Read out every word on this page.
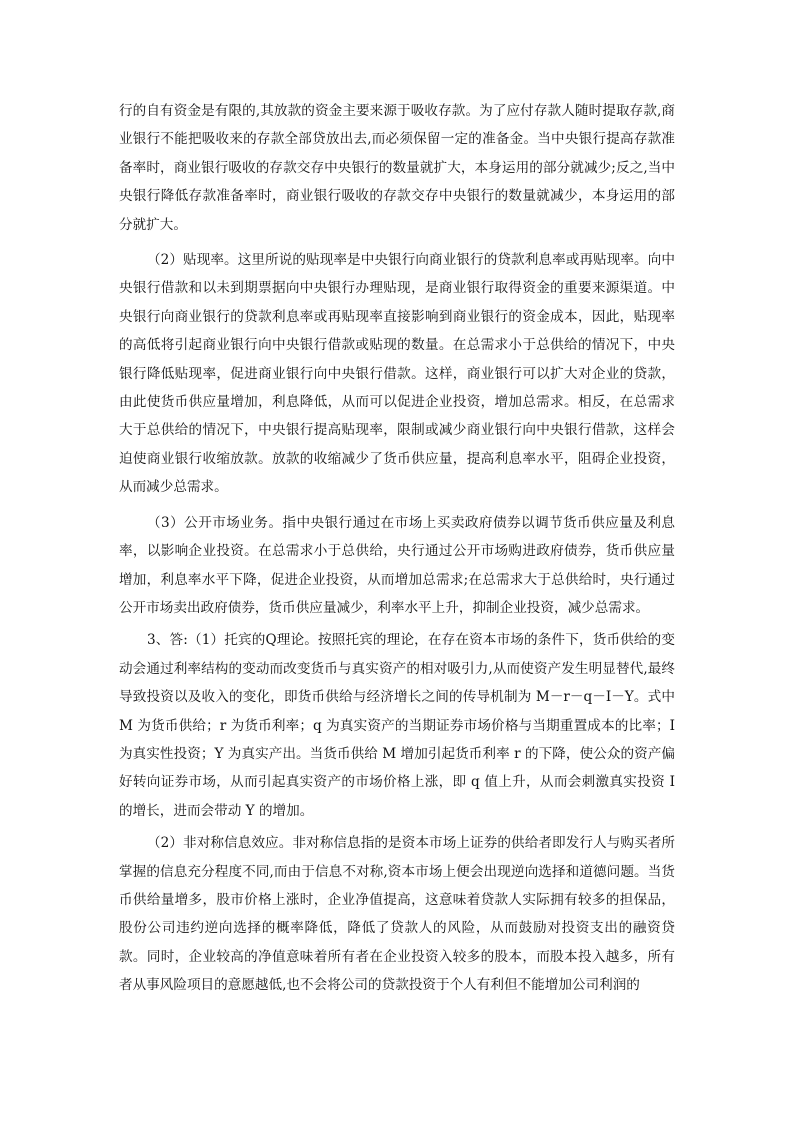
行的自有资金是有限的,其放款的资金主要来源于吸收存款。为了应付存款人随时提取存款,商业银行不能把吸收来的存款全部贷放出去,而必须保留一定的准备金。当中央银行提高存款准备率时，商业银行吸收的存款交存中央银行的数量就扩大，本身运用的部分就减少;反之,当中央银行降低存款准备率时，商业银行吸收的存款交存中央银行的数量就减少，本身运用的部分就扩大。

（2）贴现率。这里所说的贴现率是中央银行向商业银行的贷款利息率或再贴现率。向中央银行借款和以未到期票据向中央银行办理贴现，是商业银行取得资金的重要来源渠道。中央银行向商业银行的贷款利息率或再贴现率直接影响到商业银行的资金成本，因此，贴现率的高低将引起商业银行向中央银行借款或贴现的数量。在总需求小于总供给的情况下，中央银行降低贴现率，促进商业银行向中央银行借款。这样，商业银行可以扩大对企业的贷款，由此使货币供应量增加，利息降低，从而可以促进企业投资，增加总需求。相反，在总需求大于总供给的情况下，中央银行提高贴现率，限制或减少商业银行向中央银行借款，这样会迫使商业银行收缩放款。放款的收缩减少了货币供应量，提高利息率水平，阻碍企业投资，从而减少总需求。

（3）公开市场业务。指中央银行通过在市场上买卖政府债券以调节货币供应量及利息率，以影响企业投资。在总需求小于总供给，央行通过公开市场购进政府债券，货币供应量增加，利息率水平下降，促进企业投资，从而增加总需求;在总需求大于总供给时，央行通过公开市场卖出政府债券，货币供应量减少，利率水平上升，抑制企业投资，减少总需求。

3、答:（1）托宾的Q理论。按照托宾的理论，在存在资本市场的条件下，货币供给的变动会通过利率结构的变动而改变货币与真实资产的相对吸引力,从而使资产发生明显替代,最终导致投资以及收入的变化，即货币供给与经济增长之间的传导机制为 M－r－q－I－Y。式中 M 为货币供给；r 为货币利率；q 为真实资产的当期证券市场价格与当期重置成本的比率；I 为真实性投资；Y 为真实产出。当货币供给 M 增加引起货币利率 r 的下降，使公众的资产偏好转向证券市场，从而引起真实资产的市场价格上涨，即 q 值上升，从而会刺激真实投资 I 的增长，进而会带动 Y 的增加。

（2）非对称信息效应。非对称信息指的是资本市场上证券的供给者即发行人与购买者所掌握的信息充分程度不同,而由于信息不对称,资本市场上便会出现逆向选择和道德问题。当货币供给量增多，股市价格上涨时，企业净值提高，这意味着贷款人实际拥有较多的担保品，股份公司违约逆向选择的概率降低，降低了贷款人的风险，从而鼓励对投资支出的融资贷款。同时，企业较高的净值意味着所有者在企业投资入较多的股本，而股本投入越多，所有者从事风险项目的意愿越低,也不会将公司的贷款投资于个人有利但不能增加公司利润的
